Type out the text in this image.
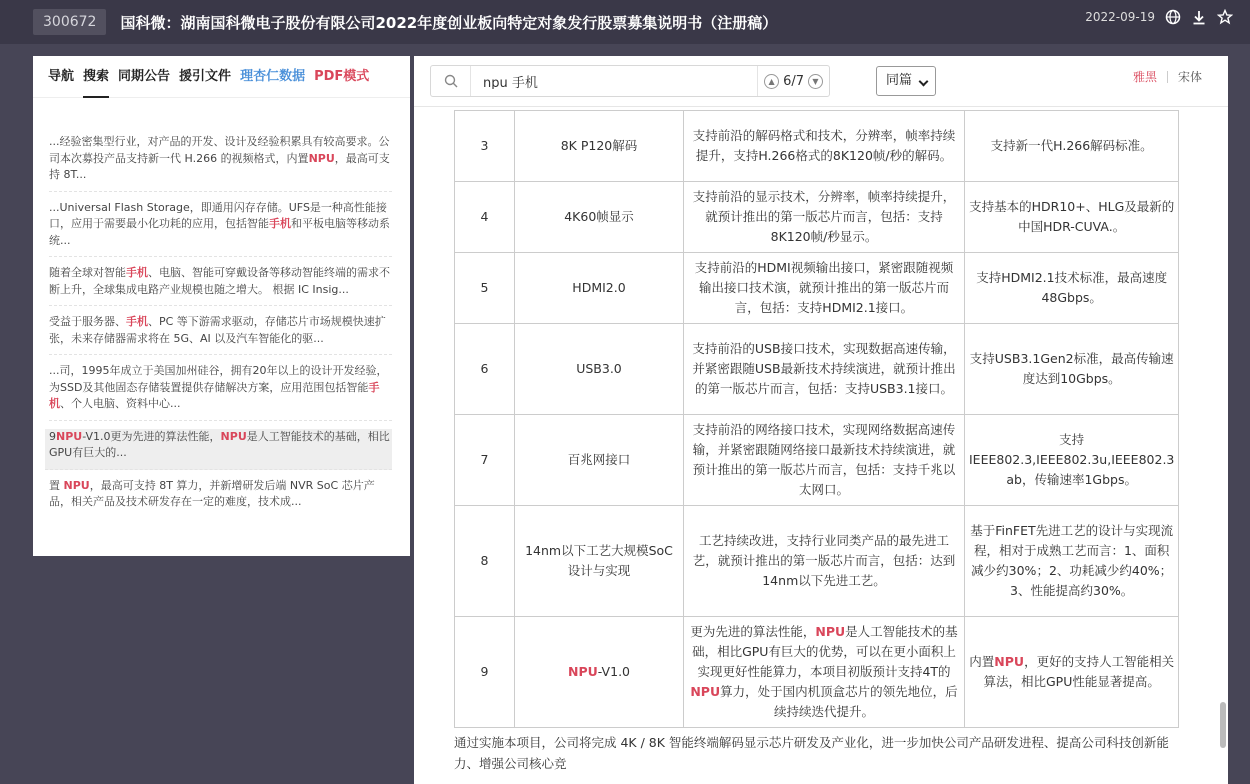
300672	国科微：湖南国科微电子股份有限公司2022年度创业板向特定对象发行股票募集说明书（注册稿）	2022-09-19
导航 搜索 同期公告 援引文件 理杏仁数据 PDF模式
...经验密集型行业，对产品的开发、设计及经验积累具有较高要求。公司本次募投产品支持新一代 H.266 的视频格式，内置NPU，最高可支持 8T...
...Universal Flash Storage，即通用闪存存储。UFS是一种高性能接口，应用于需要最小化功耗的应用，包括智能手机和平板电脑等移动系统...
随着全球对智能手机、电脑、智能可穿戴设备等移动智能终端的需求不断上升，全球集成电路产业规模也随之增大。 根据 IC Insig...
受益于服务器、手机、PC 等下游需求驱动，存储芯片市场规模快速扩张，未来存储器需求将在 5G、AI 以及汽车智能化的驱...
...司，1995年成立于美国加州硅谷，拥有20年以上的设计开发经验，为SSD及其他固态存储装置提供存储解决方案，应用范围包括智能手机、个人电脑、资料中心...
9NPU-V1.0更为先进的算法性能，NPU是人工智能技术的基础，相比GPU有巨大的...
置 NPU，最高可支持 8T 算力，并新增研发后端 NVR SoC 芯片产品，相关产品及技术研发存在一定的难度，技术成...
npu 手机
▲ 6/7	▼	同篇	雅黑 宋体
3	8K P120解码	支持前沿的解码格式和技术，分辨率，帧率持续提升，支持H.266格式的8K120帧/秒的解码。	支持新一代H.266解码标准。
4	4K60帧显示	支持前沿的显示技术，分辨率，帧率持续提升，就预计推出的第一版芯片而言，包括：支持8K120帧/秒显示。	支持基本的HDR10+、HLG及最新的中国HDR-CUVA.。
5	HDMI2.0	支持前沿的HDMI视频输出接口，紧密跟随视频输出接口技术演，就预计推出的第一版芯片而言，包括：支持HDMI2.1接口。	支持HDMI2.1技术标准，最高速度48Gbps。
6	USB3.0	支持前沿的USB接口技术，实现数据高速传输，并紧密跟随USB最新技术持续演进，就预计推出的第一版芯片而言，包括：支持USB3.1接口。	支持USB3.1Gen2标准，最高传输速度达到10Gbps。
7	百兆网接口	支持前沿的网络接口技术，实现网络数据高速传输，并紧密跟随网络接口最新技术持续演进，就预计推出的第一版芯片而言，包括：支持千兆以太网口。	支持IEEE802.3,IEEE802.3u,IEEE802.3 ab，传输速率1Gbps。
8	14nm以下工艺大规模SoC设计与实现	工艺持续改进，支持行业同类产品的最先进工艺，就预计推出的第一版芯片而言，包括：达到14nm以下先进工艺。	基于FinFET先进工艺的设计与实现流程，相对于成熟工艺而言：1、面积减少约30%；2、功耗减少约40%；3、性能提高约30%。
9	NPU-V1.0	更为先进的算法性能，NPU是人工智能技术的基础，相比GPU有巨大的优势，可以在更小面积上实现更好性能算力，本项目初版预计支持4T的NPU算力，处于国内机顶盒芯片的领先地位，后续持续迭代提升。	内置NPU，更好的支持人工智能相关算法，相比GPU性能显著提高。
通过实施本项目，公司将完成 4K / 8K 智能终端解码显示芯片研发及产业化，进一步加快公司产品研发进程、提高公司科技创新能力、增强公司核心竞
